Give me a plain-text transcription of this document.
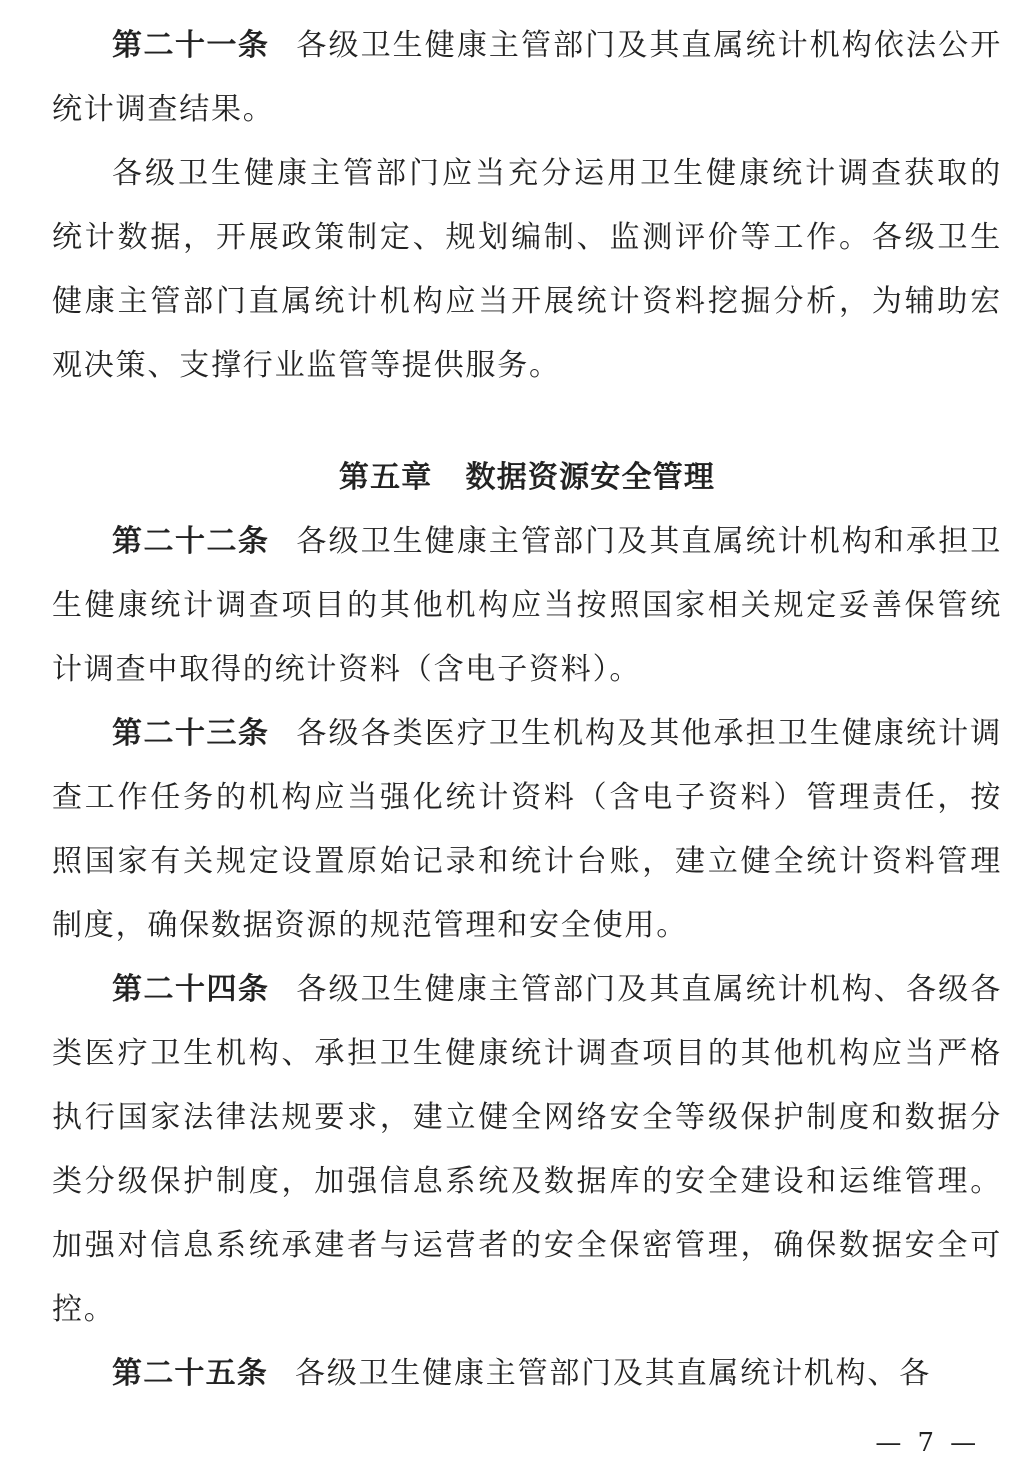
第二十一条 各级卫生健康主管部门及其直属统计机构依法公开统计调查结果。

各级卫生健康主管部门应当充分运用卫生健康统计调查获取的统计数据，开展政策制定、规划编制、监测评价等工作。各级卫生健康主管部门直属统计机构应当开展统计资料挖掘分析，为辅助宏观决策、支撑行业监管等提供服务。

第五章 数据资源安全管理

第二十二条 各级卫生健康主管部门及其直属统计机构和承担卫生健康统计调查项目的其他机构应当按照国家相关规定妥善保管统计调查中取得的统计资料（含电子资料）。

第二十三条 各级各类医疗卫生机构及其他承担卫生健康统计调查工作任务的机构应当强化统计资料（含电子资料）管理责任，按照国家有关规定设置原始记录和统计台账，建立健全统计资料管理制度，确保数据资源的规范管理和安全使用。

第二十四条 各级卫生健康主管部门及其直属统计机构、各级各类医疗卫生机构、承担卫生健康统计调查项目的其他机构应当严格执行国家法律法规要求，建立健全网络安全等级保护制度和数据分类分级保护制度，加强信息系统及数据库的安全建设和运维管理。加强对信息系统承建者与运营者的安全保密管理，确保数据安全可控。

第二十五条 各级卫生健康主管部门及其直属统计机构、各

— 7 —
